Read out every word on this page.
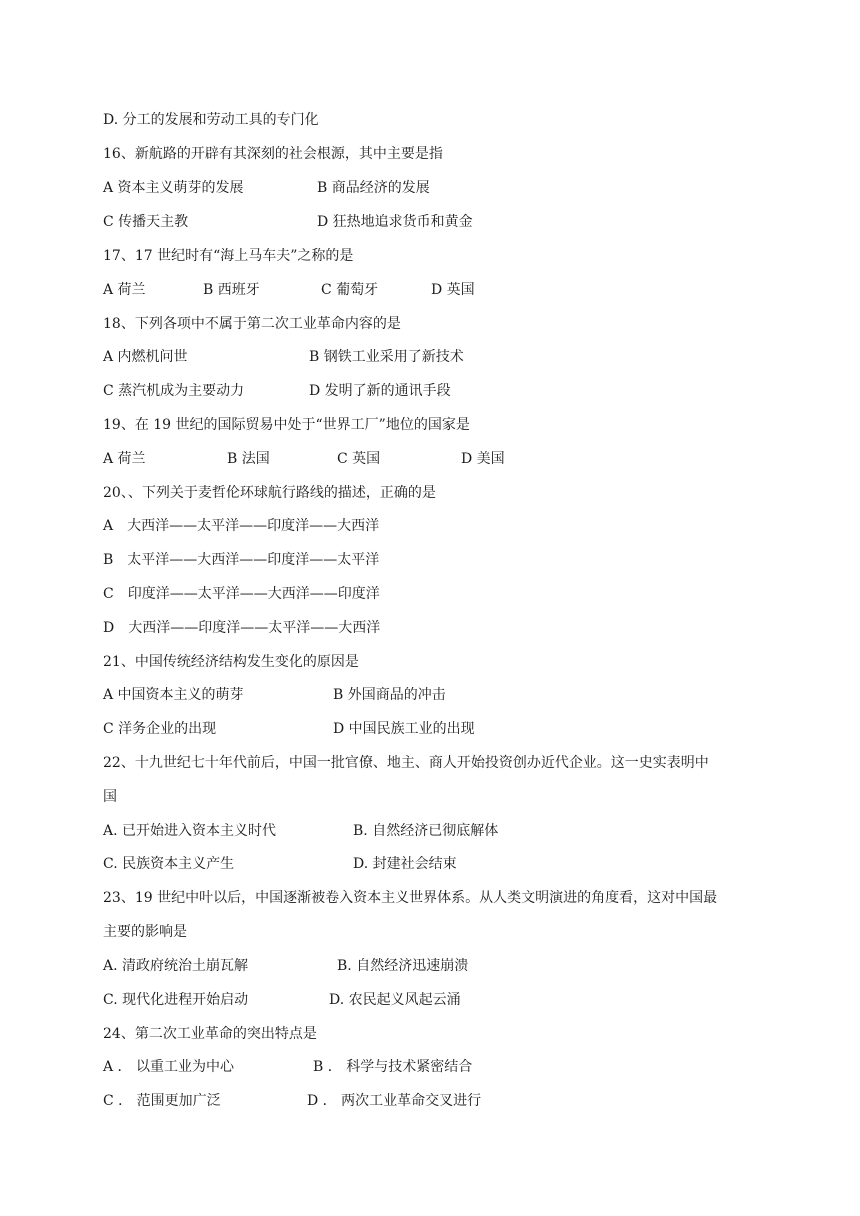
D. 分工的发展和劳动工具的专门化
16、新航路的开辟有其深刻的社会根源，其中主要是指
A 资本主义萌芽的发展	B 商品经济的发展
C 传播天主教	D 狂热地追求货币和黄金
17、17 世纪时有“海上马车夫”之称的是
A 荷兰	B 西班牙	C 葡萄牙	D 英国
18、下列各项中不属于第二次工业革命内容的是
A 内燃机问世	B 钢铁工业采用了新技术
C 蒸汽机成为主要动力	D 发明了新的通讯手段
19、在 19 世纪的国际贸易中处于“世界工厂”地位的国家是
A 荷兰	B 法国	C 英国	D 美国
20、、下列关于麦哲伦环球航行路线的描述，正确的是
A　大西洋——太平洋——印度洋——大西洋
B　太平洋——大西洋——印度洋——太平洋
C　印度洋——太平洋——大西洋——印度洋
D　大西洋——印度洋——太平洋——大西洋
21、中国传统经济结构发生变化的原因是
A 中国资本主义的萌芽	B 外国商品的冲击
C 洋务企业的出现	D 中国民族工业的出现
22、十九世纪七十年代前后，中国一批官僚、地主、商人开始投资创办近代企业。这一史实表明中
国
A. 已开始进入资本主义时代	B. 自然经济已彻底解体
C. 民族资本主义产生	D. 封建社会结束
23、19 世纪中叶以后，中国逐渐被卷入资本主义世界体系。从人类文明演进的角度看，这对中国最
主要的影响是
A. 清政府统治土崩瓦解	B. 自然经济迅速崩溃
C. 现代化进程开始启动	D. 农民起义风起云涌
24、第二次工业革命的突出特点是
A ． 以重工业为中心	B ． 科学与技术紧密结合
C ． 范围更加广泛	D ． 两次工业革命交叉进行
